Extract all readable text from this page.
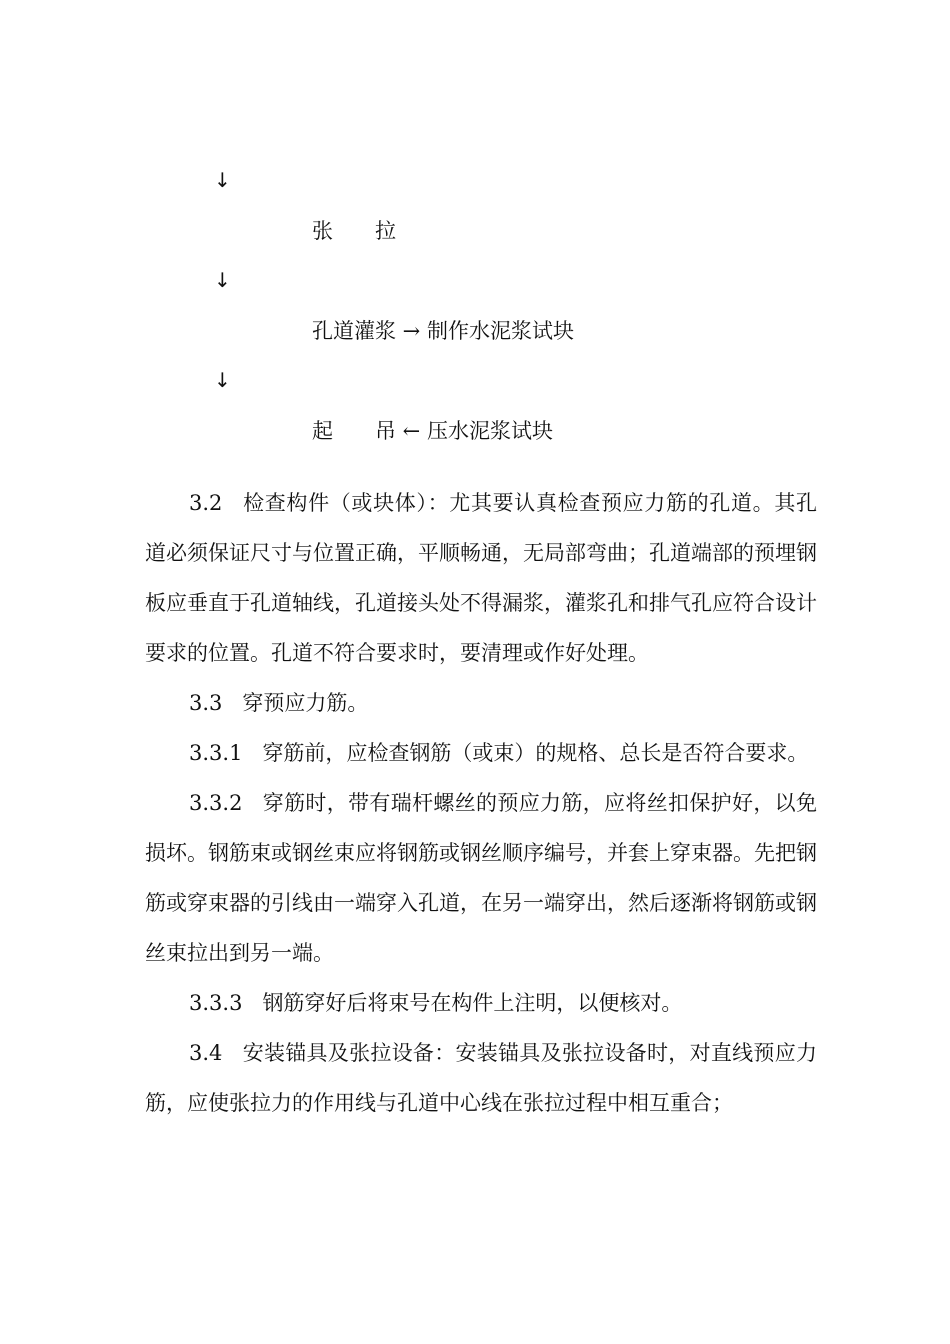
↓
张　　拉
↓
孔道灌浆 → 制作水泥浆试块
↓
起　　吊 ← 压水泥浆试块

3.2 检查构件（或块体）：尤其要认真检查预应力筋的孔道。其孔道必须保证尺寸与位置正确，平顺畅通，无局部弯曲；孔道端部的预埋钢板应垂直于孔道轴线，孔道接头处不得漏浆，灌浆孔和排气孔应符合设计要求的位置。孔道不符合要求时，要清理或作好处理。

3.3 穿预应力筋。

3.3.1 穿筋前，应检查钢筋（或束）的规格、总长是否符合要求。

3.3.2 穿筋时，带有瑞杆螺丝的预应力筋，应将丝扣保护好，以免损坏。钢筋束或钢丝束应将钢筋或钢丝顺序编号，并套上穿束器。先把钢筋或穿束器的引线由一端穿入孔道，在另一端穿出，然后逐渐将钢筋或钢丝束拉出到另一端。

3.3.3 钢筋穿好后将束号在构件上注明，以便核对。

3.4 安装锚具及张拉设备：安装锚具及张拉设备时，对直线预应力筋，应使张拉力的作用线与孔道中心线在张拉过程中相互重合；
